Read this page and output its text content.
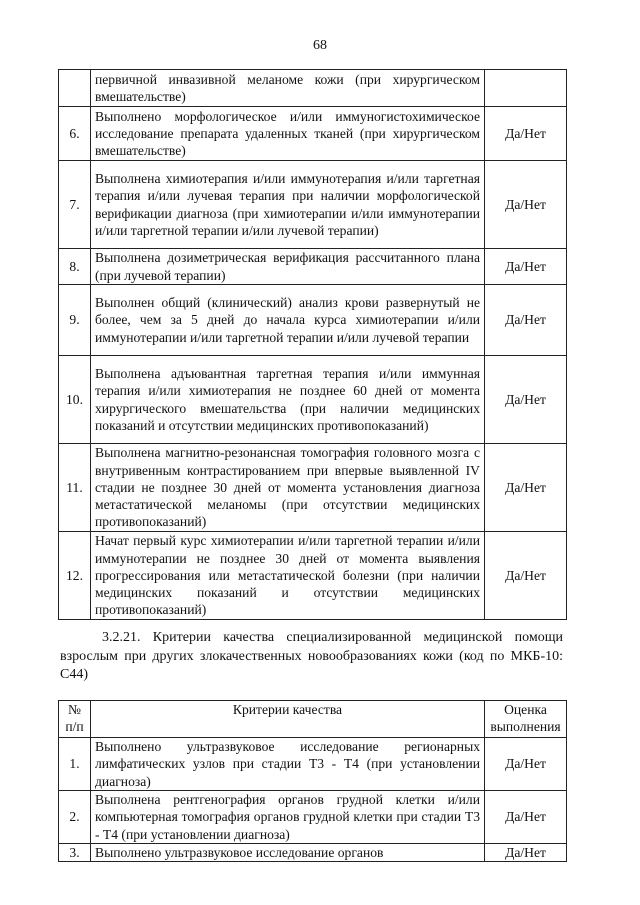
68
	первичной инвазивной меланоме кожи (при хирургическом вмешательстве)	
6.	Выполнено морфологическое и/или иммуногистохимическое исследование препарата удаленных тканей (при хирургическом вмешательстве)	Да/Нет
7.	Выполнена химиотерапия и/или иммунотерапия и/или таргетная терапия и/или лучевая терапия при наличии морфологической верификации диагноза (при химиотерапии и/или иммунотерапии и/или таргетной терапии и/или лучевой терапии)	Да/Нет
8.	Выполнена дозиметрическая верификация рассчитанного плана (при лучевой терапии)	Да/Нет
9.	Выполнен общий (клинический) анализ крови развернутый не более, чем за 5 дней до начала курса химиотерапии и/или иммунотерапии и/или таргетной терапии и/или лучевой терапии	Да/Нет
10.	Выполнена адъювантная таргетная терапия и/или иммунная терапия и/или химиотерапия не позднее 60 дней от момента хирургического вмешательства (при наличии медицинских показаний и отсутствии медицинских противопоказаний)	Да/Нет
11.	Выполнена магнитно-резонансная томография головного мозга с внутривенным контрастированием при впервые выявленной IV стадии не позднее 30 дней от момента установления диагноза метастатической меланомы (при отсутствии медицинских противопоказаний)	Да/Нет
12.	Начат первый курс химиотерапии и/или таргетной терапии и/или иммунотерапии не позднее 30 дней от момента выявления прогрессирования или метастатической болезни (при наличии медицинских показаний и отсутствии медицинских противопоказаний)	Да/Нет
3.2.21. Критерии качества специализированной медицинской помощи взрослым при других злокачественных новообразованиях кожи (код по МКБ-10: C44)
№ п/п	Критерии качества	Оценка выполнения
1.	Выполнено ультразвуковое исследование регионарных лимфатических узлов при стадии Т3 - Т4 (при установлении диагноза)	Да/Нет
2.	Выполнена рентгенография органов грудной клетки и/или компьютерная томография органов грудной клетки при стадии Т3 - Т4 (при установлении диагноза)	Да/Нет
3.	Выполнено ультразвуковое исследование органов	Да/Нет
